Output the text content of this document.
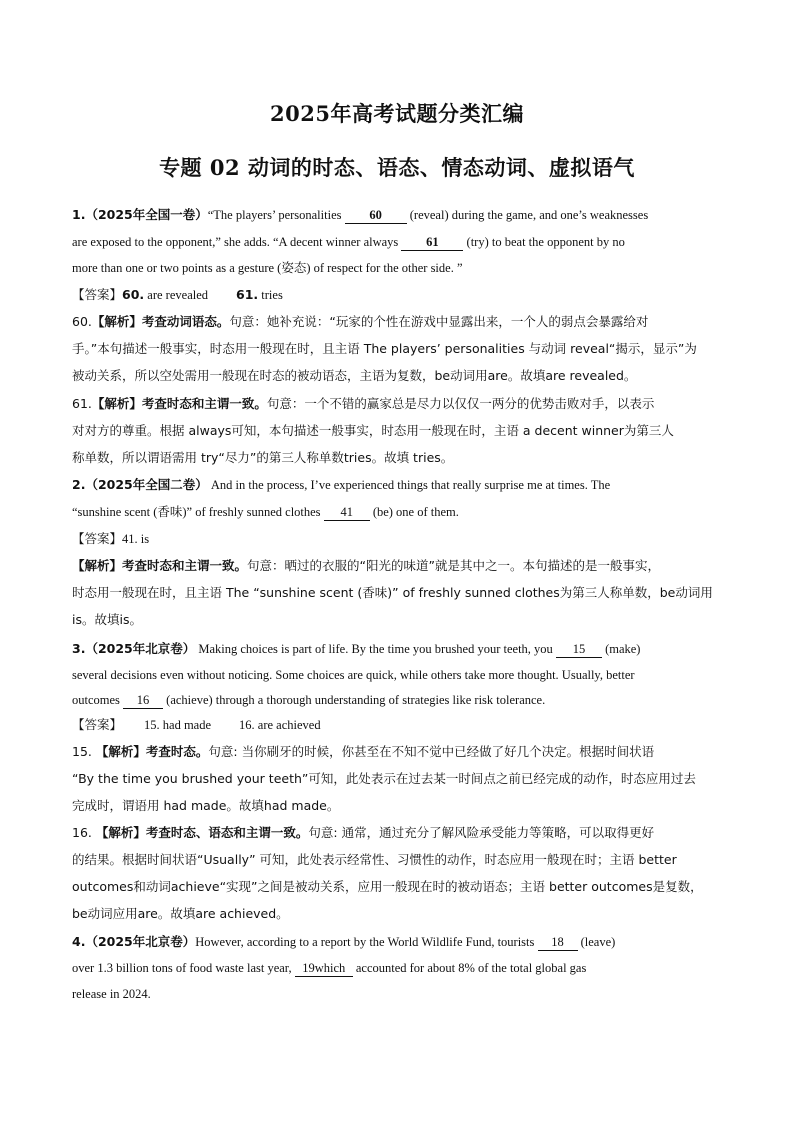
2025年高考试题分类汇编
专题 02 动词的时态、语态、情态动词、虚拟语气
1.（2025年全国一卷）“The players’ personalities 60 (reveal) during the game, and one’s weaknesses
are exposed to the opponent,” she adds. “A decent winner always 61 (try) to beat the opponent by no
more than one or two points as a gesture (姿态) of respect for the other side. ”
【答案】60. are revealed 61. tries
60.【解析】考查动词语态。句意：她补充说：“玩家的个性在游戏中显露出来，一个人的弱点会暴露给对
手。”本句描述一般事实，时态用一般现在时，且主语 The players’ personalities 与动词 reveal“揭示，显示”为
被动关系，所以空处需用一般现在时态的被动语态，主语为复数，be动词用are。故填are revealed。
61.【解析】考查时态和主谓一致。句意：一个不错的赢家总是尽力以仅仅一两分的优势击败对手，以表示
对对方的尊重。根据 always可知，本句描述一般事实，时态用一般现在时，主语 a decent winner为第三人
称单数，所以谓语需用 try“尽力”的第三人称单数tries。故填 tries。
2.（2025年全国二卷） And in the process, I’ve experienced things that really surprise me at times. The
“sunshine scent (香味)” of freshly sunned clothes 41 (be) one of them.
【答案】41. is
【解析】考查时态和主谓一致。句意：晒过的衣服的“阳光的味道”就是其中之一。本句描述的是一般事实，
时态用一般现在时，且主语 The “sunshine scent (香味)” of freshly sunned clothes为第三人称单数，be动词用
is。故填is。
3.（2025年北京卷） Making choices is part of life. By the time you brushed your teeth, you 15 (make)
several decisions even without noticing. Some choices are quick, while others take more thought. Usually, better
outcomes 16 (achieve) through a thorough understanding of strategies like risk tolerance.
【答案】 15. had made 16. are achieved
15. 【解析】考查时态。句意: 当你刷牙的时候，你甚至在不知不觉中已经做了好几个决定。根据时间状语
“By the time you brushed your teeth”可知，此处表示在过去某一时间点之前已经完成的动作，时态应用过去
完成时，谓语用 had made。故填had made。
16. 【解析】考查时态、语态和主谓一致。句意: 通常，通过充分了解风险承受能力等策略，可以取得更好
的结果。根据时间状语“Usually” 可知，此处表示经常性、习惯性的动作，时态应用一般现在时；主语 better
outcomes和动词achieve“实现”之间是被动关系，应用一般现在时的被动语态；主语 better outcomes是复数，
be动词应用are。故填are achieved。
4.（2025年北京卷）However, according to a report by the World Wildlife Fund, tourists 18 (leave)
over 1.3 billion tons of food waste last year, 19which accounted for about 8% of the total global gas
release in 2024.
